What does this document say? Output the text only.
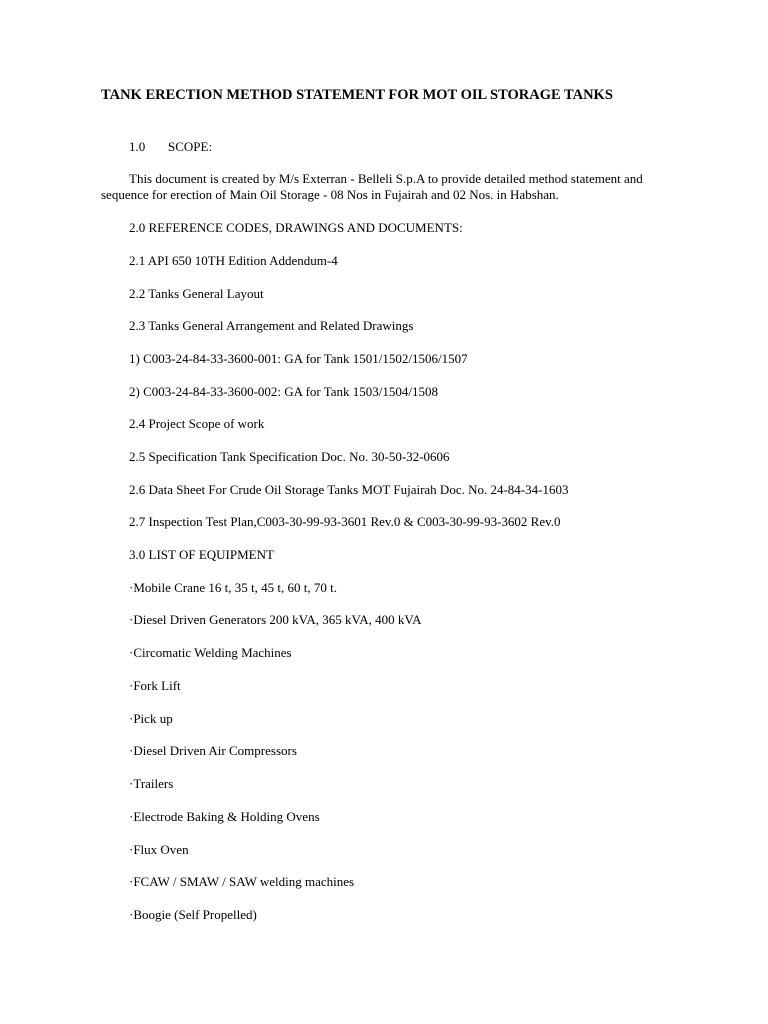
TANK ERECTION METHOD STATEMENT FOR MOT OIL STORAGE TANKS
1.0 SCOPE:
This document is created by M/s Exterran - Belleli S.p.A to provide detailed method statement and sequence for erection of Main Oil Storage - 08 Nos in Fujairah and 02 Nos. in Habshan.
2.0 REFERENCE CODES, DRAWINGS AND DOCUMENTS:
2.1 API 650 10TH Edition Addendum-4
2.2 Tanks General Layout
2.3 Tanks General Arrangement and Related Drawings
1) C003-24-84-33-3600-001: GA for Tank 1501/1502/1506/1507
2) C003-24-84-33-3600-002: GA for Tank 1503/1504/1508
2.4 Project Scope of work
2.5 Specification Tank Specification Doc. No. 30-50-32-0606
2.6 Data Sheet For Crude Oil Storage Tanks MOT Fujairah Doc. No. 24-84-34-1603
2.7 Inspection Test Plan,C003-30-99-93-3601 Rev.0 & C003-30-99-93-3602 Rev.0
3.0 LIST OF EQUIPMENT
·Mobile Crane 16 t, 35 t, 45 t, 60 t, 70 t.
·Diesel Driven Generators 200 kVA, 365 kVA, 400 kVA
·Circomatic Welding Machines
·Fork Lift
·Pick up
·Diesel Driven Air Compressors
·Trailers
·Electrode Baking & Holding Ovens
·Flux Oven
·FCAW / SMAW / SAW welding machines
·Boogie (Self Propelled)
